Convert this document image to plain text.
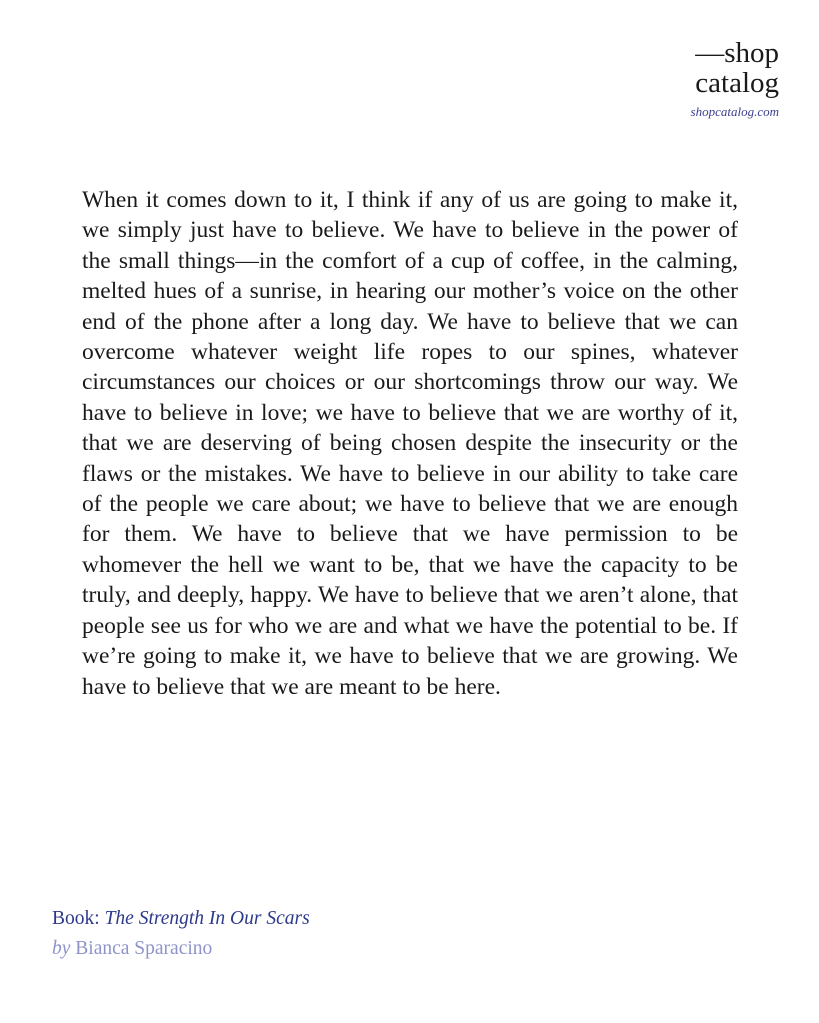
—shop
catalog
shopcatalog.com

When it comes down to it, I think if any of us are going to make it, we simply just have to believe. We have to believe in the power of the small things—in the comfort of a cup of coffee, in the calming, melted hues of a sunrise, in hearing our mother’s voice on the other end of the phone after a long day. We have to believe that we can overcome whatever weight life ropes to our spines, whatever circumstances our choices or our shortcomings throw our way. We have to believe in love; we have to believe that we are worthy of it, that we are deserving of being chosen despite the insecurity or the flaws or the mistakes. We have to believe in our ability to take care of the people we care about; we have to believe that we are enough for them. We have to believe that we have permission to be whomever the hell we want to be, that we have the capacity to be truly, and deeply, happy. We have to believe that we aren’t alone, that people see us for who we are and what we have the potential to be. If we’re going to make it, we have to believe that we are growing. We have to believe that we are meant to be here.

Book: The Strength In Our Scars
by Bianca Sparacino
